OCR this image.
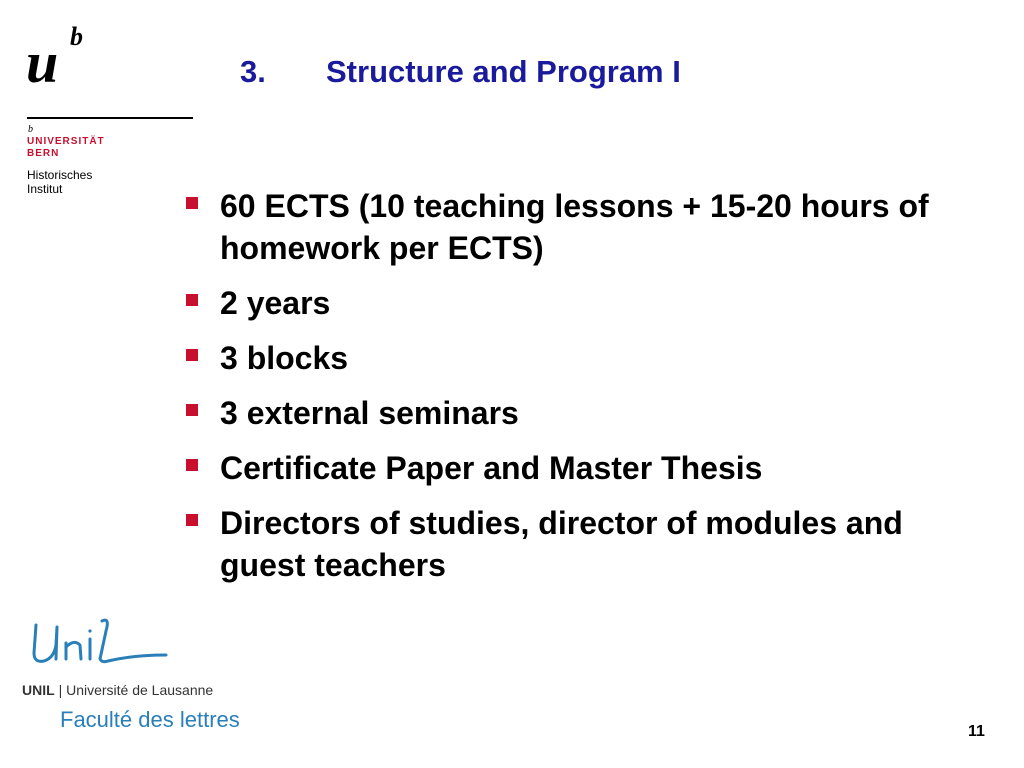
u b
b
UNIVERSITÄT
BERN
Historisches
Institut
3. Structure and Program I
60 ECTS (10 teaching lessons + 15-20 hours of homework per ECTS)
2 years
3 blocks
3 external seminars
Certificate Paper and Master Thesis
Directors of studies, director of modules and guest teachers
UNIL | Université de Lausanne
Faculté des lettres	11
